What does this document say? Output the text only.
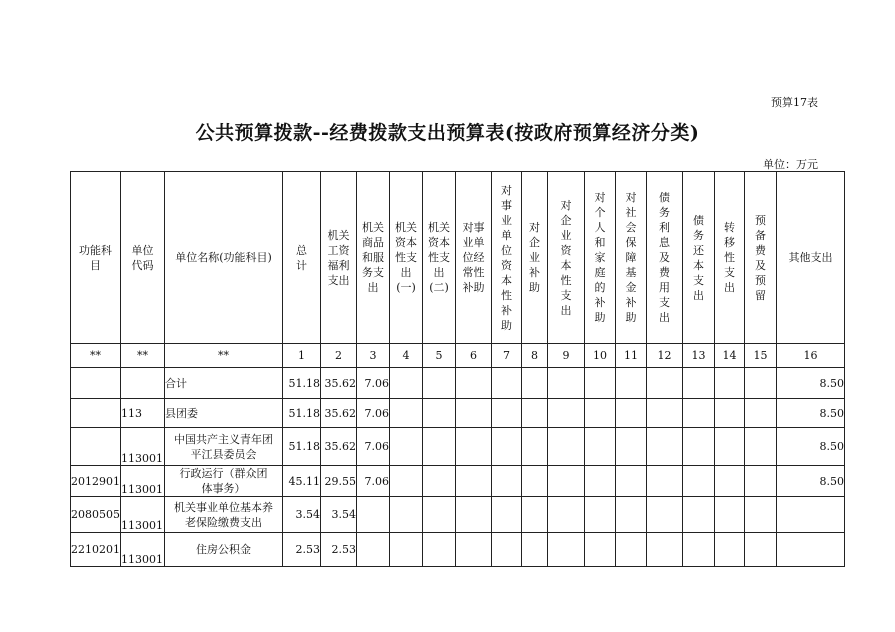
预算17表
公共预算拨款--经费拨款支出预算表(按政府预算经济分类)
单位：万元
功能科目	单位代码	单位名称(功能科目)	总计	机关工资福利支出	机关商品和服务支出	机关资本性支出(一)	机关资本性支出(二)	对事业单位经常性补助	对事业单位资本性补助	对企业补助	对企业资本性支出	对个人和家庭的补助	对社会保障基金补助	债务利息及费用支出	债务还本支出	转移性支出	预备费及预留	其他支出
**	**	**	1	2	3	4	5	6	7	8	9	10	11	12	13	14	15	16
		合计	51.18	35.62	7.06													8.50
	113	县团委	51.18	35.62	7.06													8.50
	113001	中国共产主义青年团平江县委员会	51.18	35.62	7.06													8.50
2012901	113001	行政运行（群众团体事务）	45.11	29.55	7.06													8.50
2080505	113001	机关事业单位基本养老保险缴费支出	3.54	3.54														
2210201	113001	住房公积金	2.53	2.53														
